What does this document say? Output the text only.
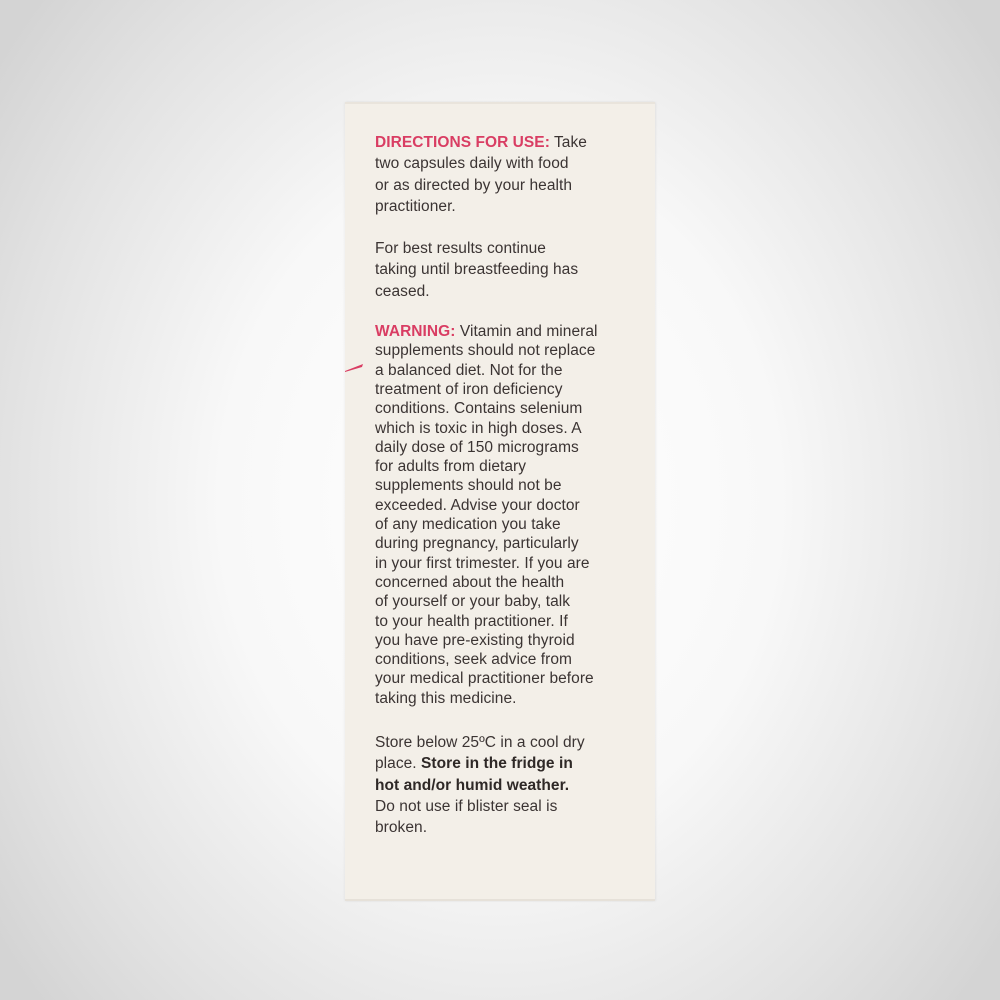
DIRECTIONS FOR USE: Take

two capsules daily with food

or as directed by your health

practitioner.

For best results continue

taking until breastfeeding has

ceased.

WARNING: Vitamin and mineral

supplements should not replace

a balanced diet. Not for the

treatment of iron deficiency

conditions. Contains selenium

which is toxic in high doses. A

daily dose of 150 micrograms

for adults from dietary

supplements should not be

exceeded. Advise your doctor

of any medication you take

during pregnancy, particularly

in your first trimester. If you are

concerned about the health

of yourself or your baby, talk

to your health practitioner. If

you have pre-existing thyroid

conditions, seek advice from

your medical practitioner before

taking this medicine.

Store below 25ºC in a cool dry

place. Store in the fridge in

hot and/or humid weather.

Do not use if blister seal is

broken.
